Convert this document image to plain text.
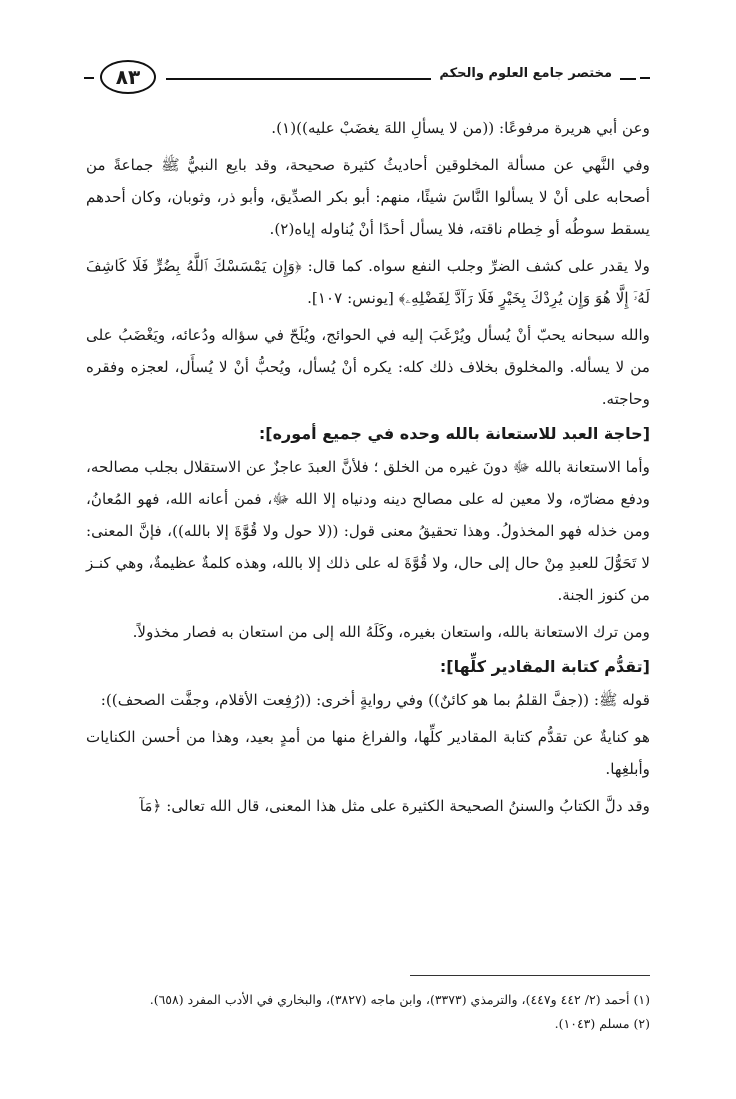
مختصر جامع العلوم والحكم
٨٣

وعن أبي هريرة مرفوعًا: ((من لا يسألِ اللهَ يغضَبْ عليه))(١).

وفي النَّهي عن مسألة المخلوقين أحاديثُ كثيرة صحيحة، وقد بايع النبيُّ ﷺ جماعةً من أصحابه على أنْ لا يسألوا النَّاسَ شيئًا، منهم: أبو بكر الصدِّيق، وأبو ذر، وثوبان، وكان أحدهم يسقط سوطُه أو خِطام ناقته، فلا يسأل أحدًا أنْ يُناوله إياه(٢).

ولا يقدر على كشف الضرِّ وجلب النفع سواه. كما قال: ﴿وَإِن يَمْسَسْكَ ٱللَّهُ بِضُرٍّ فَلَا كَاشِفَ لَهُۥٓ إِلَّا هُوَ وَإِن يُرِدْكَ بِخَيْرٍ فَلَا رَآدَّ لِفَضْلِهِۦ﴾ [يونس: ١٠٧].

والله سبحانه يحبّ أنْ يُسأل ويُرْغَبَ إليه في الحوائج، ويُلَحّ في سؤاله ودُعائه، ويَغْضَبُ على من لا يسأله. والمخلوق بخلاف ذلك كله: يكره أنْ يُسأل، ويُحبُّ أنْ لا يُسأَل، لعجزه وفقره وحاجته.

[حاجة العبد للاستعانة بالله وحده في جميع أموره]:

وأما الاستعانة بالله ﷻ دونَ غيره من الخلق ؛ فلأنَّ العبدَ عاجزٌ عن الاستقلال بجلب مصالحه، ودفع مضارّه، ولا معين له على مصالح دينه ودنياه إلا الله ﷻ، فمن أعانه الله، فهو المُعانُ، ومن خذله فهو المخذولُ. وهذا تحقيقُ معنى قول: ((لا حول ولا قُوَّةَ إلا بالله))، فإنَّ المعنى: لا تَحَوُّلَ للعبدِ مِنْ حال إلى حال، ولا قُوَّةَ له على ذلك إلا بالله، وهذه كلمةٌ عظيمةٌ، وهي كنـز من كنوز الجنة.

ومن ترك الاستعانة بالله، واستعان بغيره، وكَلَهُ الله إلى من استعان به فصار مخذولاً.

[تقدُّم كتابة المقادير كلِّها]:

قوله ﷺ: ((جفَّ القلمُ بما هو كائنٌ)) وفي روايةٍ أخرى: ((رُفِعت الأقلام، وجفَّت الصحف)):

هو كنايةٌ عن تقدُّم كتابة المقادير كلِّها، والفراغ منها من أمدٍ بعيد، وهذا من أحسن الكنايات وأبلغِها.

وقد دلَّ الكتابُ والسننُ الصحيحة الكثيرة على مثل هذا المعنى، قال الله تعالى: ﴿مَآ

(١) أحمد (٢/ ٤٤٢ و٤٤٧)، والترمذي (٣٣٧٣)، وابن ماجه (٣٨٢٧)، والبخاري في الأدب المفرد (٦٥٨).

(٢) مسلم (١٠٤٣).
